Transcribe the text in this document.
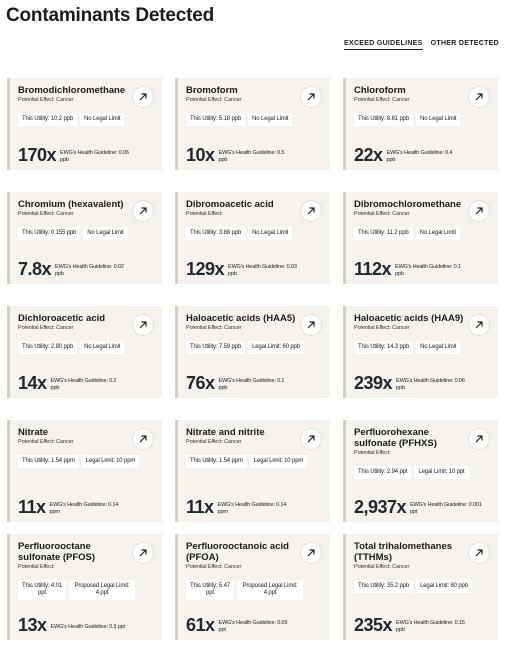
Contaminants Detected
EXCEED GUIDELINES OTHER DETECTED
Bromodichloromethane
Potential Effect: Cancer
This Utility: 10.2 ppb	No Legal Limit
170x EWG's Health Guideline: 0.06 ppb
Bromoform
Potential Effect: Cancer
This Utility: 5.18 ppb	No Legal Limit
10x EWG's Health Guideline: 0.5 ppb
Chloroform
Potential Effect: Cancer
This Utility: 8.61 ppb	No Legal Limit
22x EWG's Health Guideline: 0.4 ppb
Chromium (hexavalent)
Potential Effect: Cancer
This Utility: 0.155 ppb	No Legal Limit
7.8x EWG's Health Guideline: 0.02 ppb
Dibromoacetic acid
Potential Effect:
This Utility: 3.88 ppb	No Legal Limit
129x EWG's Health Guideline: 0.03 ppb
Dibromochloromethane
Potential Effect: Cancer
This Utility: 11.2 ppb	No Legal Limit
112x EWG's Health Guideline: 0.1 ppb
Dichloroacetic acid
Potential Effect: Cancer
This Utility: 2.80 ppb	No Legal Limit
14x EWG's Health Guideline: 0.2 ppb
Haloacetic acids (HAA5)
Potential Effect: Cancer
This Utility: 7.59 ppb	Legal Limit: 60 ppb
76x EWG's Health Guideline: 0.1 ppb
Haloacetic acids (HAA9)
Potential Effect: Cancer
This Utility: 14.3 ppb	No Legal Limit
239x EWG's Health Guideline: 0.06 ppb
Nitrate
Potential Effect: Cancer
This Utility: 1.54 ppm	Legal Limit: 10 ppm
11x EWG's Health Guideline: 0.14 ppm
Nitrate and nitrite
Potential Effect: Cancer
This Utility: 1.54 ppm	Legal Limit: 10 ppm
11x EWG's Health Guideline: 0.14 ppm
Perfluorohexane sulfonate (PFHXS)
Potential Effect:
This Utility: 2.94 ppt	Legal Limit: 10 ppt
2,937x EWG's Health Guideline: 0.001 ppt
Perfluorooctane sulfonate (PFOS)
Potential Effect:
This Utility: 4.01 ppt
Proposed Legal Limit: 4 ppt
13x EWG's Health Guideline: 0.3 ppt
Perfluorooctanoic acid (PFOA)
Potential Effect: Cancer
This Utility: 5.47 ppt
Proposed Legal Limit: 4 ppt
61x EWG's Health Guideline: 0.09 ppt
Total trihalomethanes (TTHMs)
Potential Effect: Cancer
This Utility: 35.2 ppb	Legal Limit: 80 ppb
235x EWG's Health Guideline: 0.15 ppb
